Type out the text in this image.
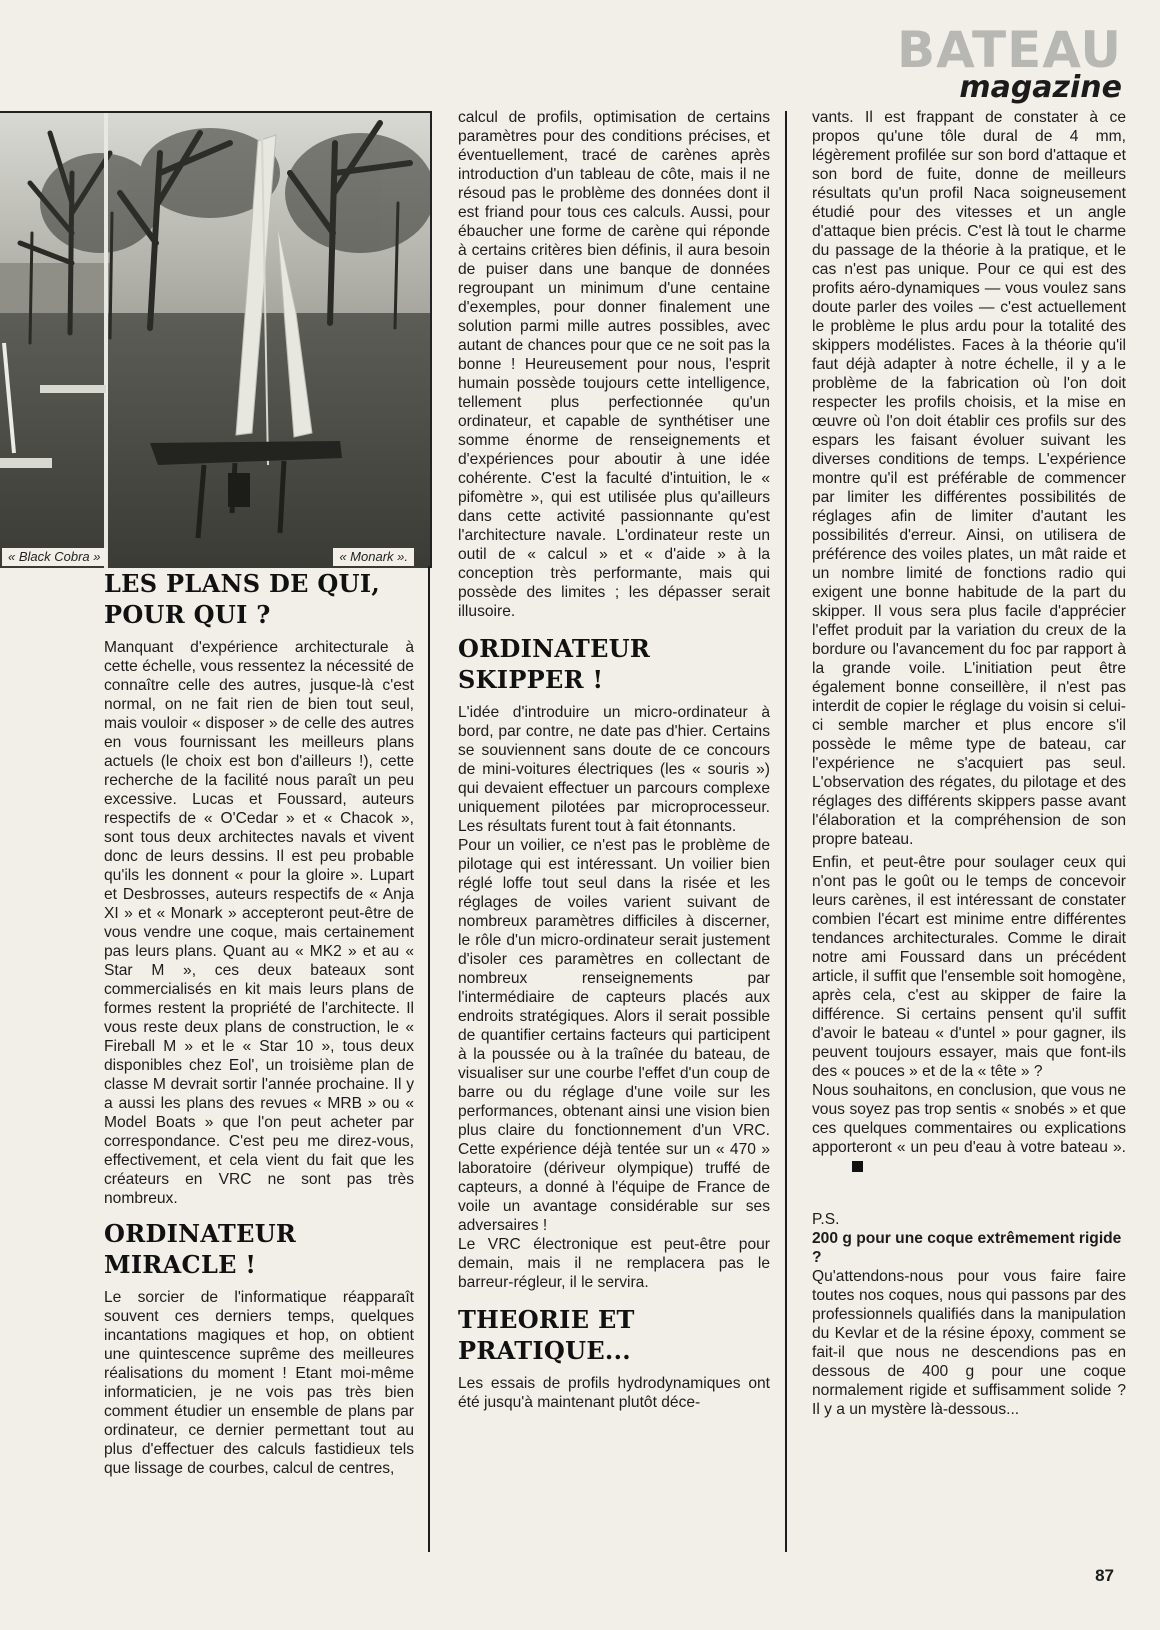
BATEAU
magazine
« Black Cobra »	« Monark ».
LES PLANS DE QUI, POUR QUI ?

Manquant d'expérience architecturale à cette échelle, vous ressentez la nécessité de connaître celle des autres, jusque-là c'est normal, on ne fait rien de bien tout seul, mais vouloir « disposer » de celle des autres en vous fournissant les meilleurs plans actuels (le choix est bon d'ailleurs !), cette recherche de la facilité nous paraît un peu excessive. Lucas et Foussard, auteurs respectifs de « O'Cedar » et « Chacok », sont tous deux architectes navals et vivent donc de leurs dessins. Il est peu probable qu'ils les donnent « pour la gloire ». Lupart et Desbrosses, auteurs respectifs de « Anja XI » et « Monark » accepteront peut-être de vous vendre une coque, mais certainement pas leurs plans. Quant au « MK2 » et au « Star M », ces deux bateaux sont commercialisés en kit mais leurs plans de formes restent la propriété de l'architecte. Il vous reste deux plans de construction, le « Fireball M » et le « Star 10 », tous deux disponibles chez Eol', un troisième plan de classe M devrait sortir l'année prochaine. Il y a aussi les plans des revues « MRB » ou « Model Boats » que l'on peut acheter par correspondance. C'est peu me direz-vous, effectivement, et cela vient du fait que les créateurs en VRC ne sont pas très nombreux.

ORDINATEUR MIRACLE !

Le sorcier de l'informatique réapparaît souvent ces derniers temps, quelques incantations magiques et hop, on obtient une quintescence suprême des meilleures réalisations du moment ! Etant moi-même informaticien, je ne vois pas très bien comment étudier un ensemble de plans par ordinateur, ce dernier permettant tout au plus d'effectuer des calculs fastidieux tels que lissage de courbes, calcul de centres,

calcul de profils, optimisation de certains paramètres pour des conditions précises, et éventuellement, tracé de carènes après introduction d'un tableau de côte, mais il ne résoud pas le problème des données dont il est friand pour tous ces calculs. Aussi, pour ébaucher une forme de carène qui réponde à certains critères bien définis, il aura besoin de puiser dans une banque de données regroupant un minimum d'une centaine d'exemples, pour donner finalement une solution parmi mille autres possibles, avec autant de chances pour que ce ne soit pas la bonne ! Heureusement pour nous, l'esprit humain possède toujours cette intelligence, tellement plus perfectionnée qu'un ordinateur, et capable de synthétiser une somme énorme de renseignements et d'expériences pour aboutir à une idée cohérente. C'est la faculté d'intuition, le « pifomètre », qui est utilisée plus qu'ailleurs dans cette activité passionnante qu'est l'architecture navale. L'ordinateur reste un outil de « calcul » et « d'aide » à la conception très performante, mais qui possède des limites ; les dépasser serait illusoire.

ORDINATEUR SKIPPER !

L'idée d'introduire un micro-ordinateur à bord, par contre, ne date pas d'hier. Certains se souviennent sans doute de ce concours de mini-voitures électriques (les « souris ») qui devaient effectuer un parcours complexe uniquement pilotées par microprocesseur. Les résultats furent tout à fait étonnants.

Pour un voilier, ce n'est pas le problème de pilotage qui est intéressant. Un voilier bien réglé loffe tout seul dans la risée et les réglages de voiles varient suivant de nombreux paramètres difficiles à discerner, le rôle d'un micro-ordinateur serait justement d'isoler ces paramètres en collectant de nombreux renseignements par l'intermédiaire de capteurs placés aux endroits stratégiques. Alors il serait possible de quantifier certains facteurs qui participent à la poussée ou à la traînée du bateau, de visualiser sur une courbe l'effet d'un coup de barre ou du réglage d'une voile sur les performances, obtenant ainsi une vision bien plus claire du fonctionnement d'un VRC. Cette expérience déjà tentée sur un « 470 » laboratoire (dériveur olympique) truffé de capteurs, a donné à l'équipe de France de voile un avantage considérable sur ses adversaires !

Le VRC électronique est peut-être pour demain, mais il ne remplacera pas le barreur-régleur, il le servira.

THEORIE ET PRATIQUE...

Les essais de profils hydrodynamiques ont été jusqu'à maintenant plutôt déce-

vants. Il est frappant de constater à ce propos qu'une tôle dural de 4 mm, légèrement profilée sur son bord d'attaque et son bord de fuite, donne de meilleurs résultats qu'un profil Naca soigneusement étudié pour des vitesses et un angle d'attaque bien précis. C'est là tout le charme du passage de la théorie à la pratique, et le cas n'est pas unique. Pour ce qui est des profits aéro-dynamiques — vous voulez sans doute parler des voiles — c'est actuellement le problème le plus ardu pour la totalité des skippers modélistes. Faces à la théorie qu'il faut déjà adapter à notre échelle, il y a le problème de la fabrication où l'on doit respecter les profils choisis, et la mise en œuvre où l'on doit établir ces profils sur des espars les faisant évoluer suivant les diverses conditions de temps. L'expérience montre qu'il est préférable de commencer par limiter les différentes possibilités de réglages afin de limiter d'autant les possibilités d'erreur. Ainsi, on utilisera de préférence des voiles plates, un mât raide et un nombre limité de fonctions radio qui exigent une bonne habitude de la part du skipper. Il vous sera plus facile d'apprécier l'effet produit par la variation du creux de la bordure ou l'avancement du foc par rapport à la grande voile. L'initiation peut être également bonne conseillère, il n'est pas interdit de copier le réglage du voisin si celui-ci semble marcher et plus encore s'il possède le même type de bateau, car l'expérience ne s'acquiert pas seul. L'observation des régates, du pilotage et des réglages des différents skippers passe avant l'élaboration et la compréhension de son propre bateau.

Enfin, et peut-être pour soulager ceux qui n'ont pas le goût ou le temps de concevoir leurs carènes, il est intéressant de constater combien l'écart est minime entre différentes tendances architecturales. Comme le dirait notre ami Foussard dans un précédent article, il suffit que l'ensemble soit homogène, après cela, c'est au skipper de faire la différence. Si certains pensent qu'il suffit d'avoir le bateau « d'untel » pour gagner, ils peuvent toujours essayer, mais que font-ils des « pouces » et de la « tête » ?

Nous souhaitons, en conclusion, que vous ne vous soyez pas trop sentis « snobés » et que ces quelques commentaires ou explications apporteront « un peu d'eau à votre bateau ».

P.S.

200 g pour une coque extrêmement rigide ?

Qu'attendons-nous pour vous faire faire toutes nos coques, nous qui passons par des professionnels qualifiés dans la manipulation du Kevlar et de la résine époxy, comment se fait-il que nous ne descendions pas en dessous de 400 g pour une coque normalement rigide et suffisamment solide ? Il y a un mystère là-dessous...

87
